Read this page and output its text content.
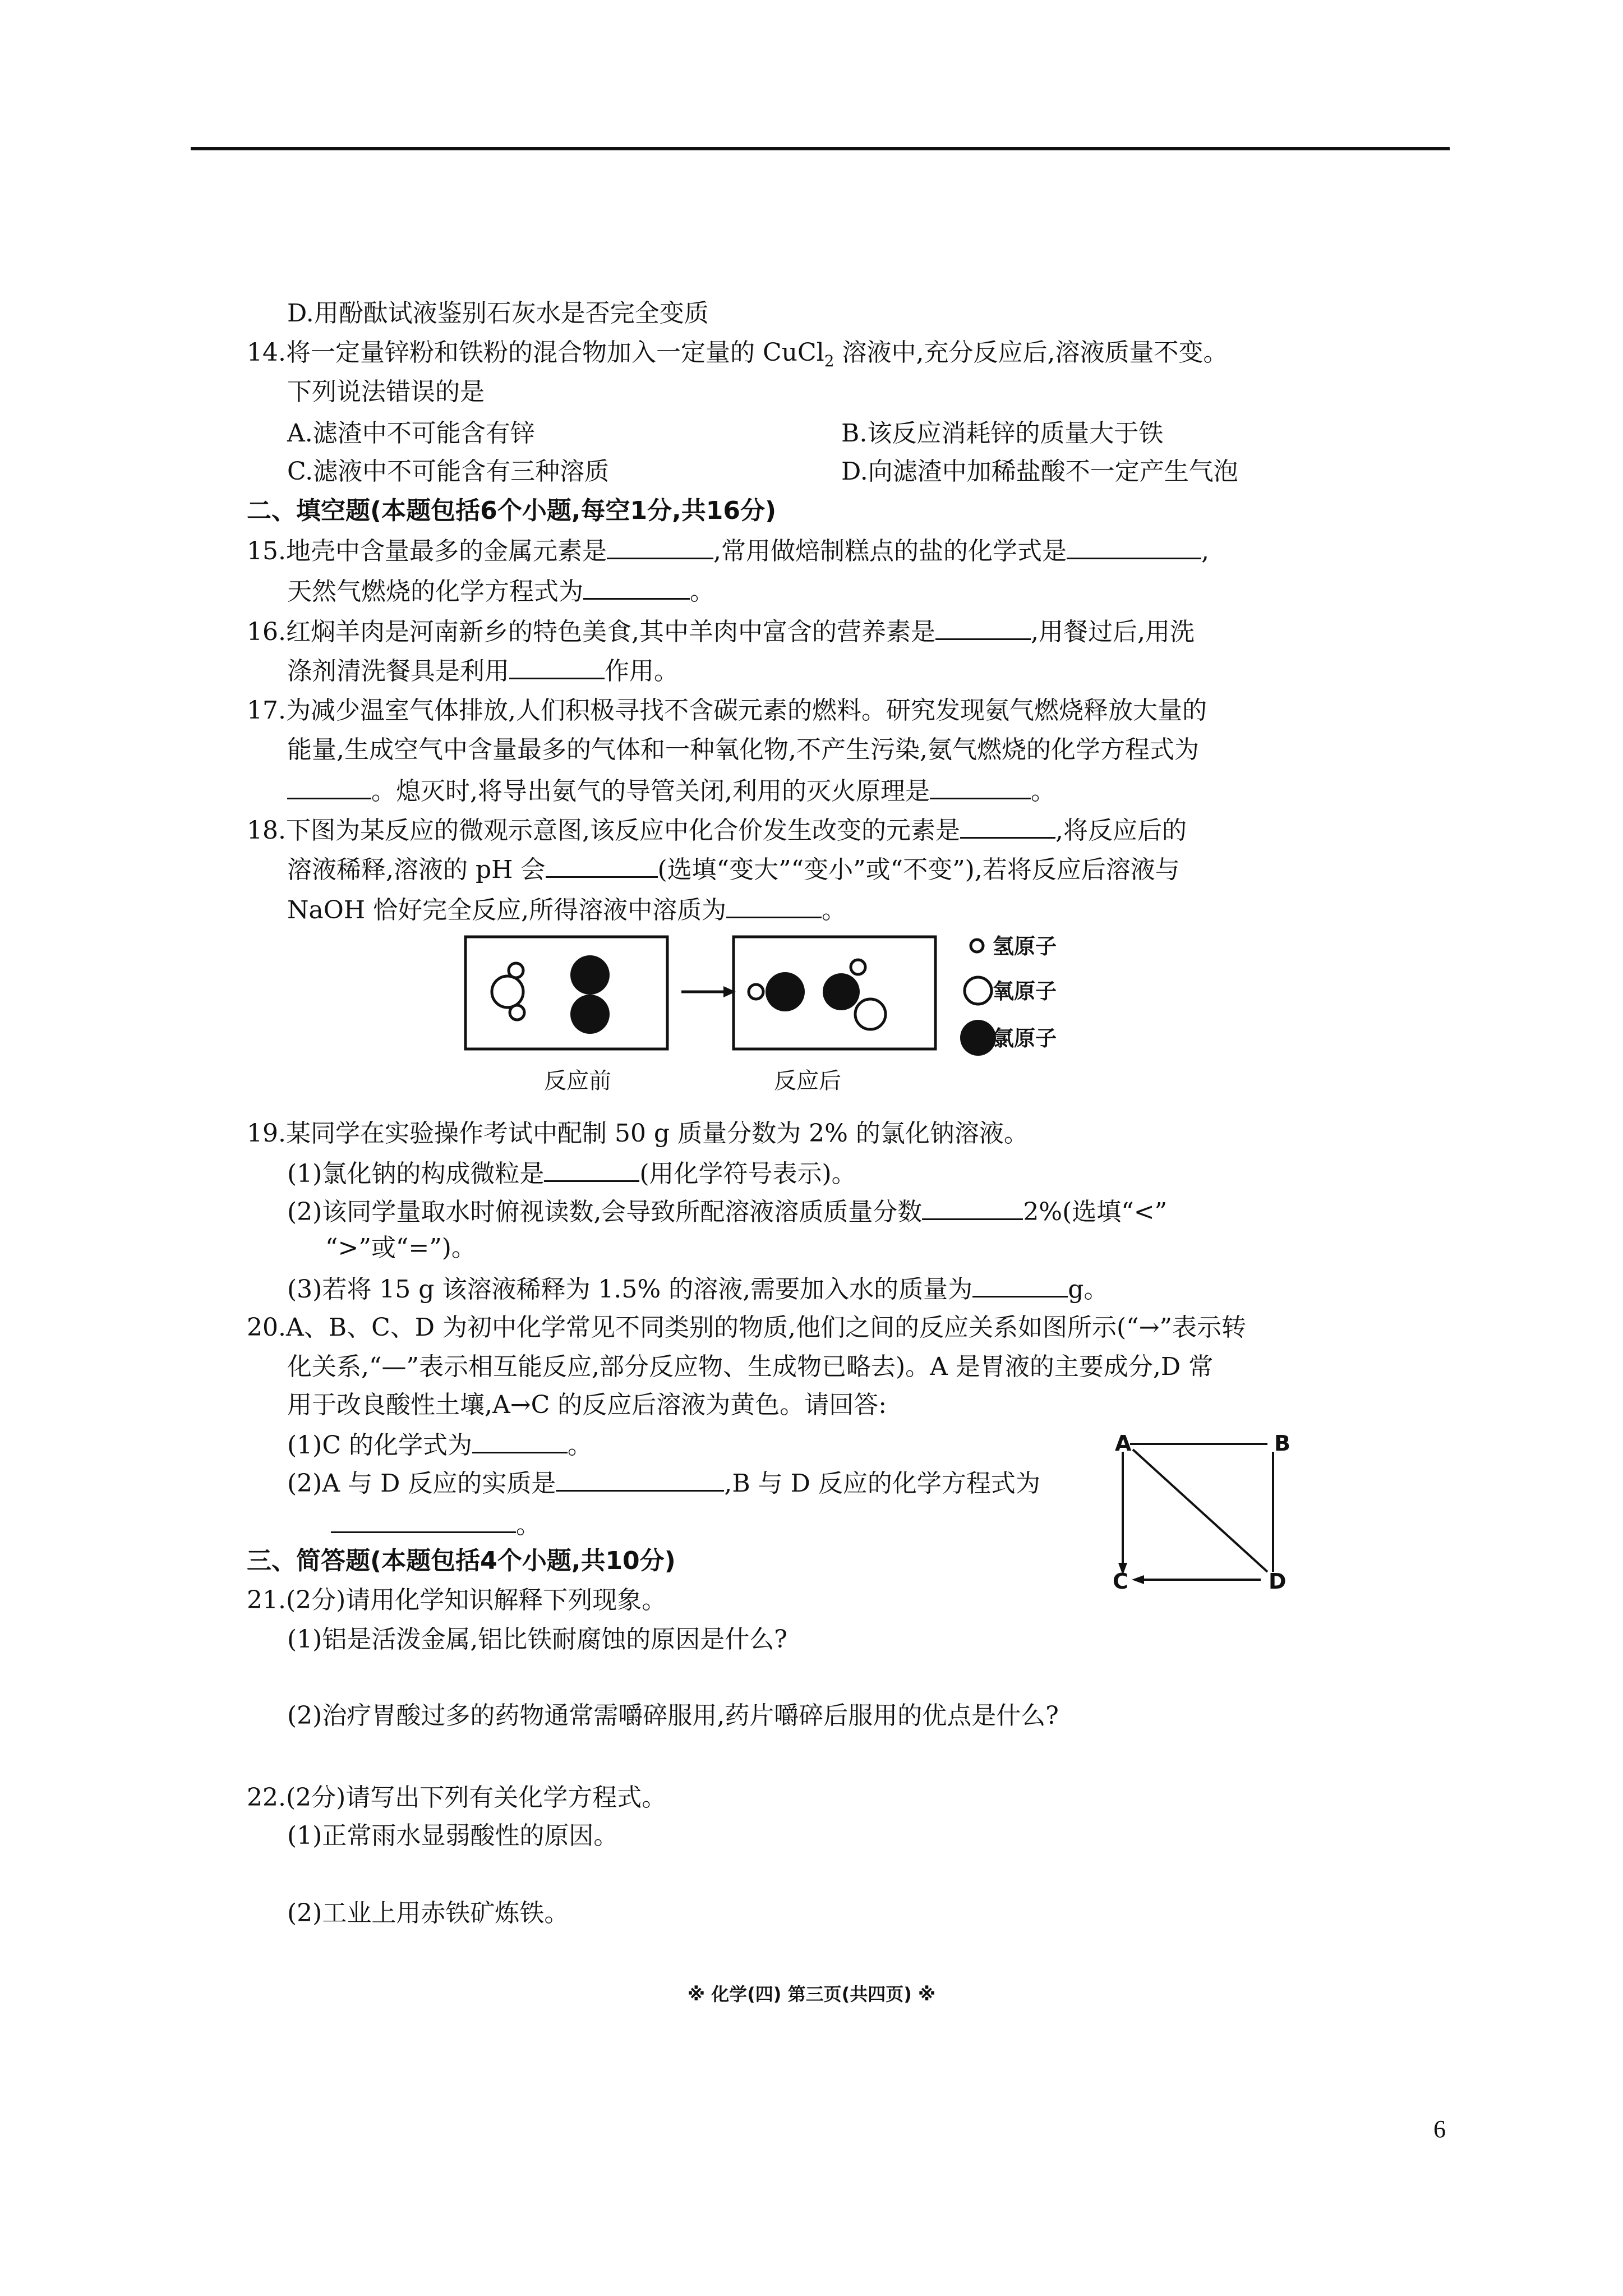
D.用酚酞试液鉴别石灰水是否完全变质
14.将一定量锌粉和铁粉的混合物加入一定量的 CuCl$_2$ 溶液中,充分反应后,溶液质量不变。
下列说法错误的是
A.滤渣中不可能含有锌	B.该反应消耗锌的质量大于铁
C.滤液中不可能含有三种溶质	D.向滤渣中加稀盐酸不一定产生气泡
二、填空题(本题包括6个小题,每空1分,共16分)
15.地壳中含量最多的金属元素是	,常用做焙制糕点的盐的化学式是	,
天然气燃烧的化学方程式为	。
16.红焖羊肉是河南新乡的特色美食,其中羊肉中富含的营养素是	,用餐过后,用洗
涤剂清洗餐具是利用	作用。
17.为减少温室气体排放,人们积极寻找不含碳元素的燃料。研究发现氨气燃烧释放大量的
能量,生成空气中含量最多的气体和一种氧化物,不产生污染,氨气燃烧的化学方程式为
。熄灭时,将导出氨气的导管关闭,利用的灭火原理是	。
18.下图为某反应的微观示意图,该反应中化合价发生改变的元素是	,将反应后的
溶液稀释,溶液的 pH 会	(选填“变大”“变小”或“不变”),若将反应后溶液与
NaOH 恰好完全反应,所得溶液中溶质为	。
反应前	反应后
氢原子
氧原子
氯原子
19.某同学在实验操作考试中配制 50 g 质量分数为 2% 的氯化钠溶液。
(1)氯化钠的构成微粒是	(用化学符号表示)。
(2)该同学量取水时俯视读数,会导致所配溶液溶质质量分数	2%(选填“<”
“>”或“=”)。
(3)若将 15 g 该溶液稀释为 1.5% 的溶液,需要加入水的质量为	g。
20.A、B、C、D 为初中化学常见不同类别的物质,他们之间的反应关系如图所示(“→”表示转
化关系,“—”表示相互能反应,部分反应物、生成物已略去)。A 是胃液的主要成分,D 常
用于改良酸性土壤,A→C 的反应后溶液为黄色。请回答:
(1)C 的化学式为	。
(2)A 与 D 反应的实质是	,B 与 D 反应的化学方程式为
。
A	B
C	D
三、简答题(本题包括4个小题,共10分)
21.(2分)请用化学知识解释下列现象。
(1)铝是活泼金属,铝比铁耐腐蚀的原因是什么?
(2)治疗胃酸过多的药物通常需嚼碎服用,药片嚼碎后服用的优点是什么?
22.(2分)请写出下列有关化学方程式。
(1)正常雨水显弱酸性的原因。
(2)工业上用赤铁矿炼铁。
※ 化学(四) 第三页(共四页) ※
6
